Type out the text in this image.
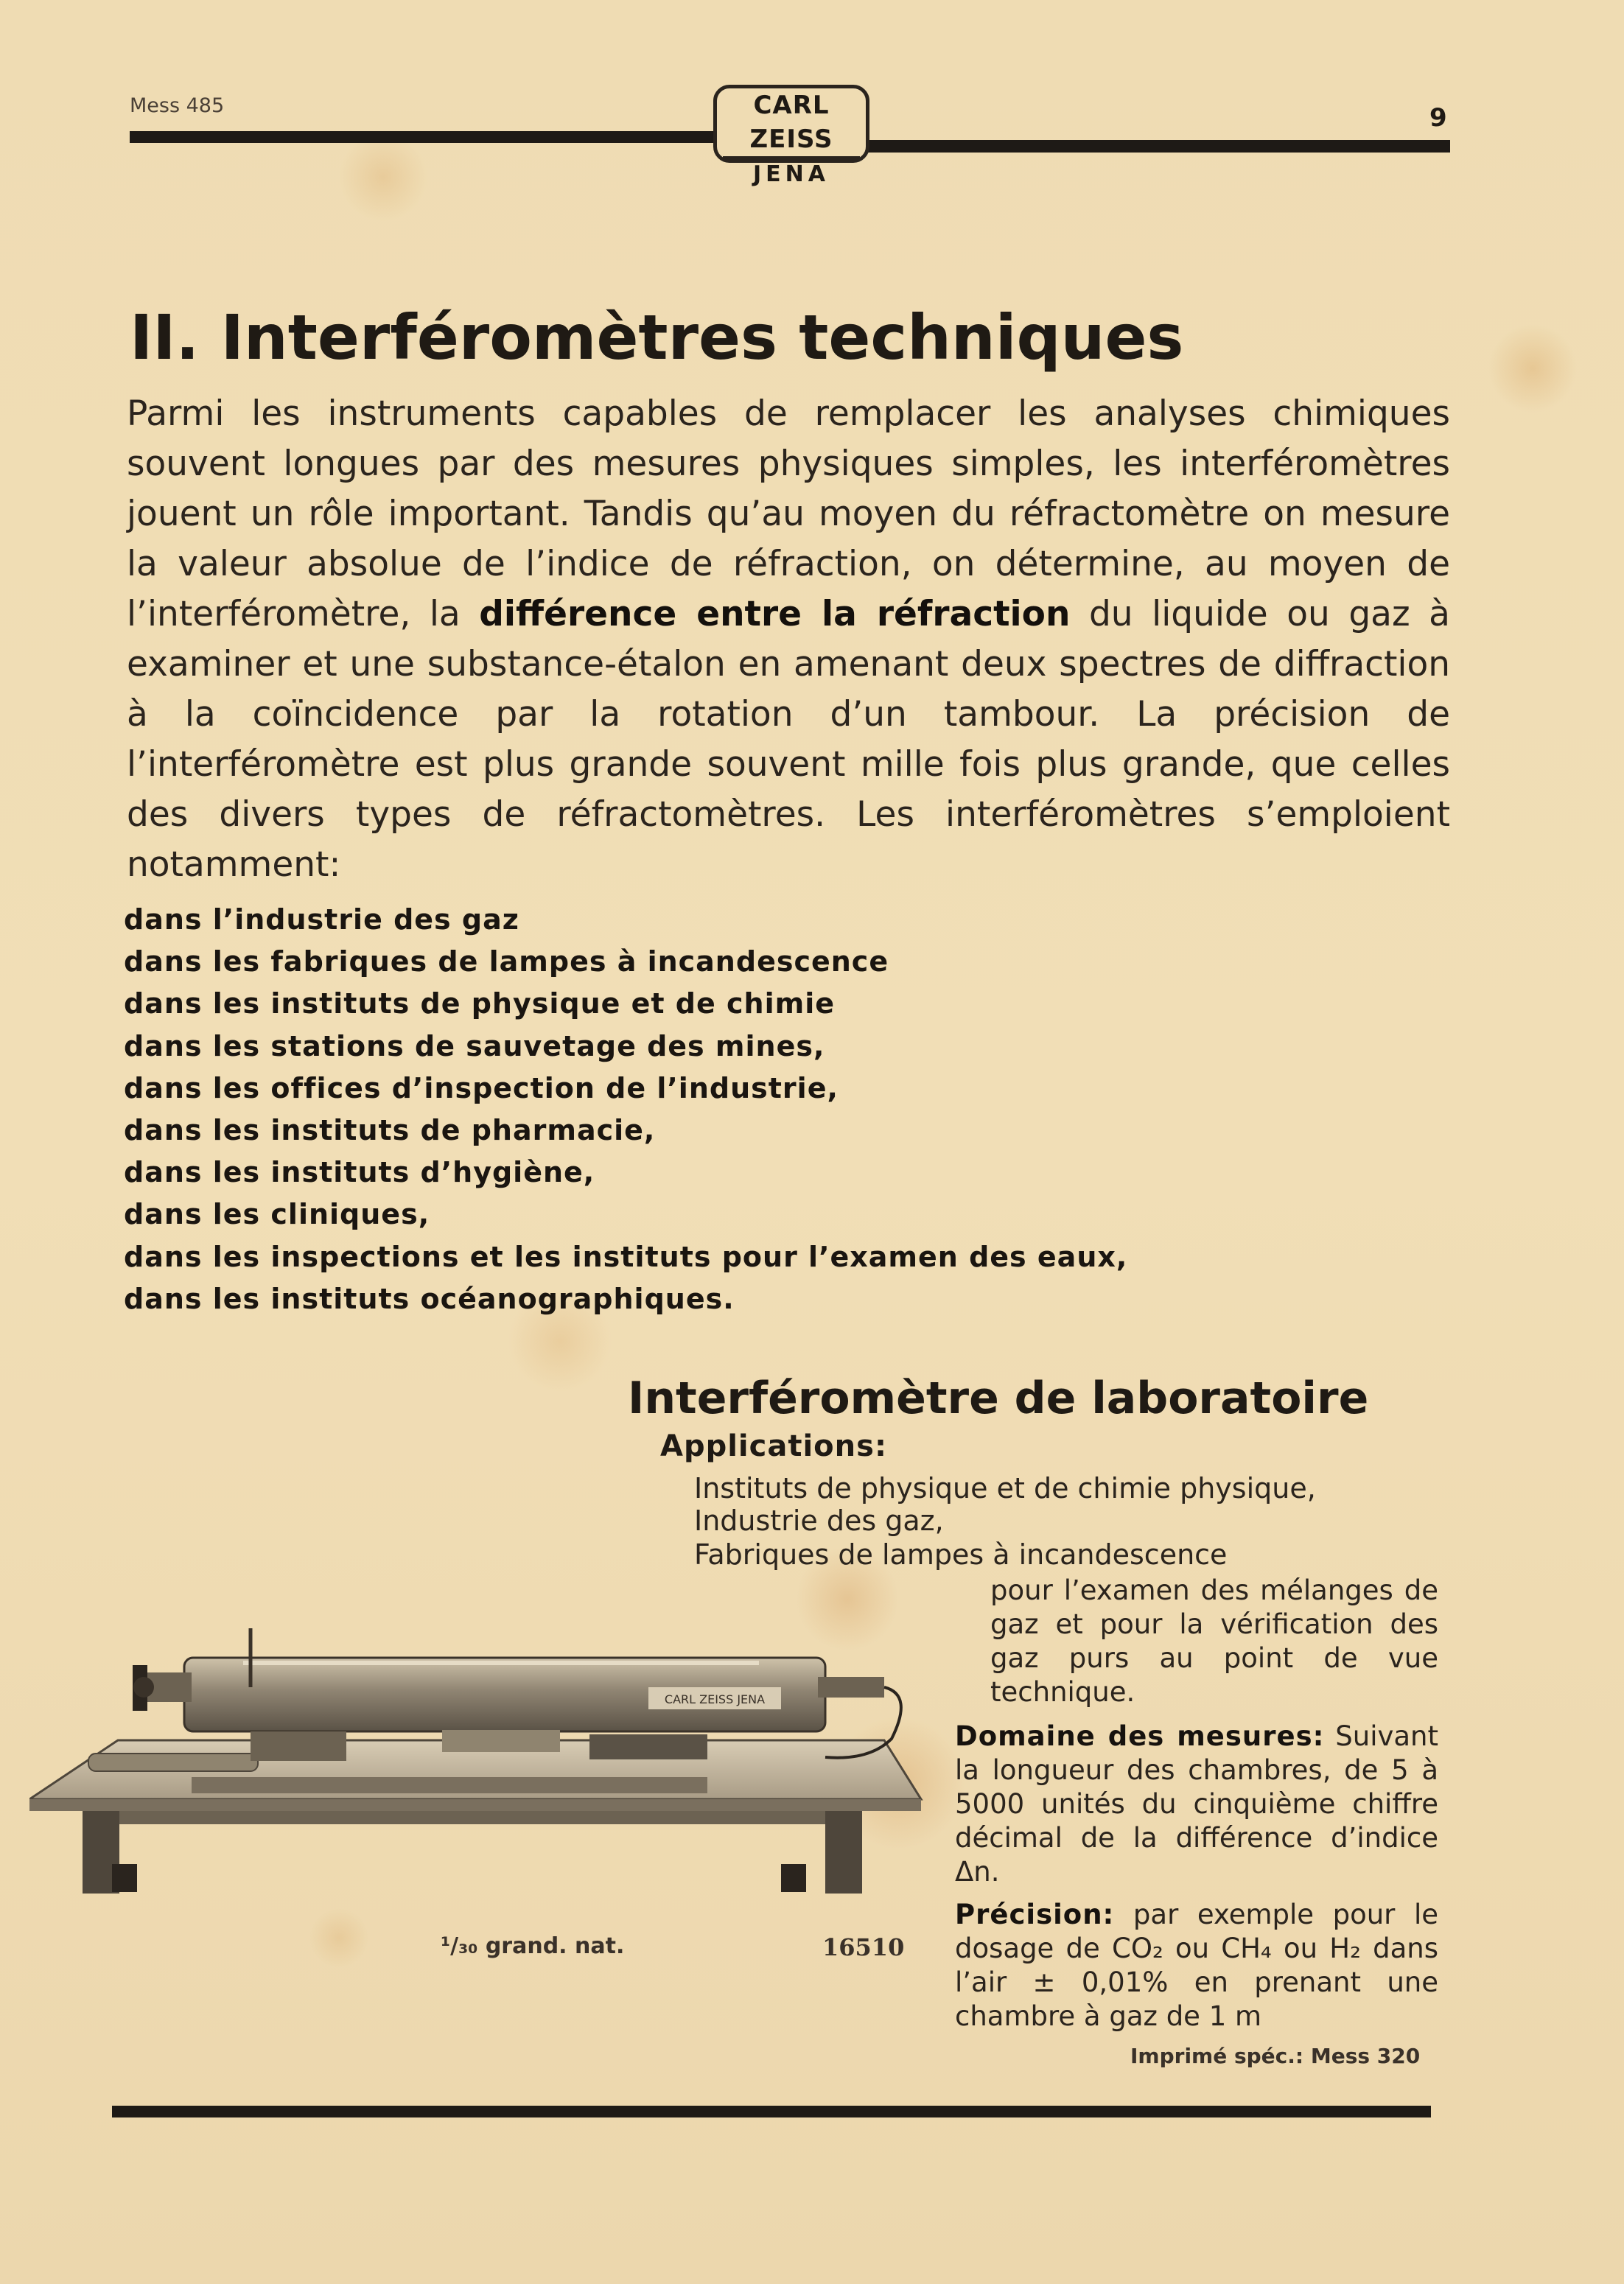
Mess 485	CARL ZEISS
JENA
9
II. Interféromètres techniques
Parmi les instruments capables de remplacer les analyses chimiques souvent longues par des mesures physiques simples, les interféromètres jouent un rôle important. Tandis qu’au moyen du réfractomètre on mesure la valeur absolue de l’indice de réfraction, on détermine, au moyen de l’interféromètre, la différence entre la réfraction du liquide ou gaz à examiner et une substance-étalon en amenant deux spectres de diffraction à la coïncidence par la rotation d’un tambour. La précision de l’interféromètre est plus grande souvent mille fois plus grande, que celles des divers types de réfractomètres. Les interféromètres s’emploient notamment:
dans l’industrie des gaz
dans les fabriques de lampes à incandescence
dans les instituts de physique et de chimie
dans les stations de sauvetage des mines,
dans les offices d’inspection de l’industrie,
dans les instituts de pharmacie,
dans les instituts d’hygiène,
dans les cliniques,
dans les inspections et les instituts pour l’examen des eaux,
dans les instituts océanographiques.
Interféromètre de laboratoire
Applications:
Instituts de physique et de chimie physique,
Industrie des gaz,
Fabriques de lampes à incandescence
pour l’examen des mélanges de gaz et pour la vérification des gaz purs au point de vue technique.
Domaine des mesures: Suivant la longueur des chambres, de 5 à 5000 unités du cinquième chiffre décimal de la différence d’indice Δn.
Précision: par exemple pour le dosage de CO₂ ou CH₄ ou H₂ dans l’air ± 0,01% en prenant une chambre à gaz de 1 m
Imprimé spéc.: Mess 320
CARL ZEISS JENA
¹/₃₀ grand. nat.	16510
